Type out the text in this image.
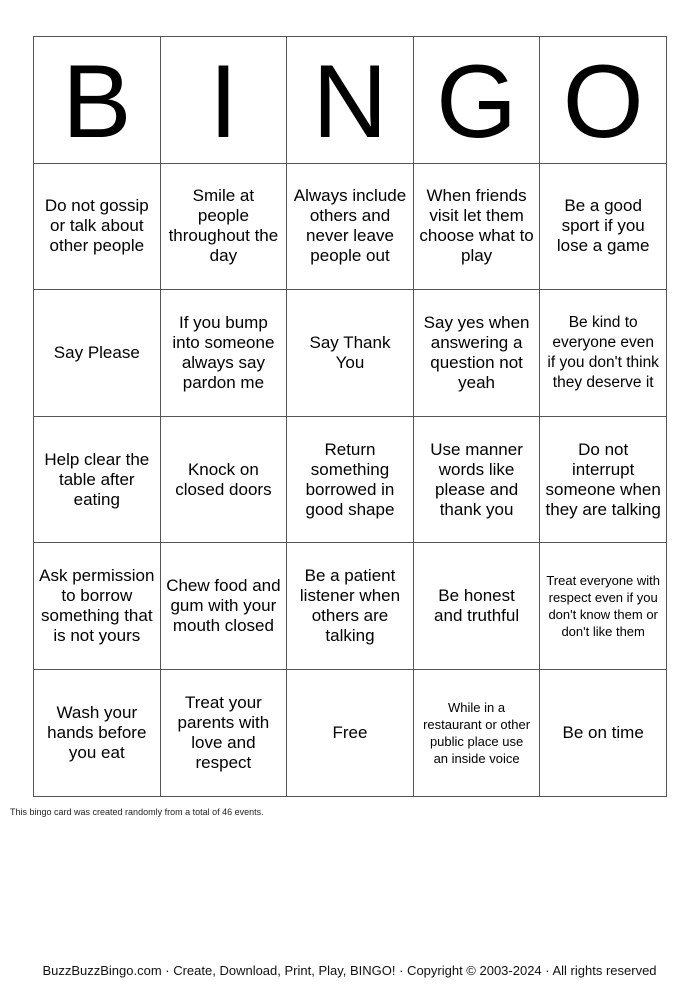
B	I	N	G	O
Do not gossip
or talk about
other people	Smile at
people
throughout the
day	Always include
others and
never leave
people out	When friends
visit let them
choose what to
play	Be a good
sport if you
lose a game
Say Please	If you bump
into someone
always say
pardon me	Say Thank
You	Say yes when
answering a
question not
yeah	Be kind to
everyone even
if you don't think
they deserve it
Help clear the
table after
eating	Knock on
closed doors	Return
something
borrowed in
good shape	Use manner
words like
please and
thank you	Do not
interrupt
someone when
they are talking
Ask permission
to borrow
something that
is not yours	Chew food and
gum with your
mouth closed	Be a patient
listener when
others are
talking	Be honest
and truthful	Treat everyone with
respect even if you
don't know them or
don't like them
Wash your
hands before
you eat	Treat your
parents with
love and
respect	Free	While in a
restaurant or other
public place use
an inside voice	Be on time
This bingo card was created randomly from a total of 46 events.
BuzzBuzzBingo.com · Create, Download, Print, Play, BINGO! · Copyright © 2003-2024 · All rights reserved
